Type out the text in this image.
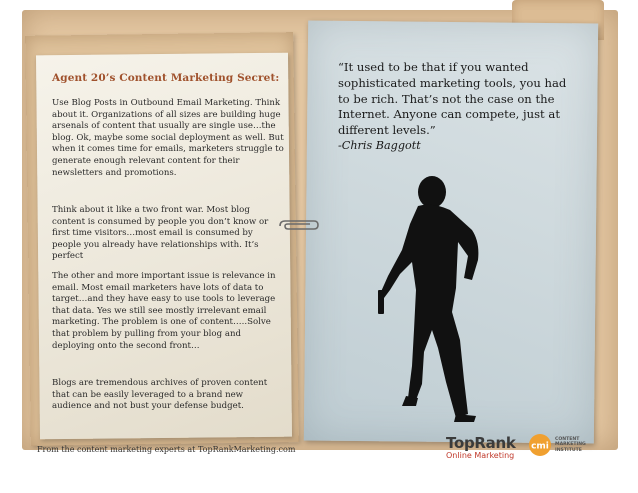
Agent 20’s Content Marketing Secret:
Use Blog Posts in Outbound Email Marketing. Think about it. Organizations of all sizes are building huge arsenals of content that usually are single use…the blog. Ok, maybe some social deployment as well. But when it comes time for emails, marketers struggle to generate enough relevant content for their newsletters and promotions.
Think about it like a two front war. Most blog content is consumed by people you don’t know or first time visitors…most email is consumed by people you already have relationships with. It’s perfect
The other and more important issue is relevance in email. Most email marketers have lots of data to target…and they have easy to use tools to leverage that data. Yes we still see mostly irrelevant email marketing. The problem is one of content…..Solve that problem by pulling from your blog and deploying onto the second front…
Blogs are tremendous archives of proven content that can be easily leveraged to a brand new audience and not bust your defense budget.
“It used to be that if you wanted sophisticated marketing tools, you had to be rich. That’s not the case on the Internet. Anyone can compete, just at different levels.”
-Chris Baggott
From the content marketing experts at TopRankMarketing.com	TopRank
Online Marketing
cmi
CONTENT
MARKETING
INSTITUTE
